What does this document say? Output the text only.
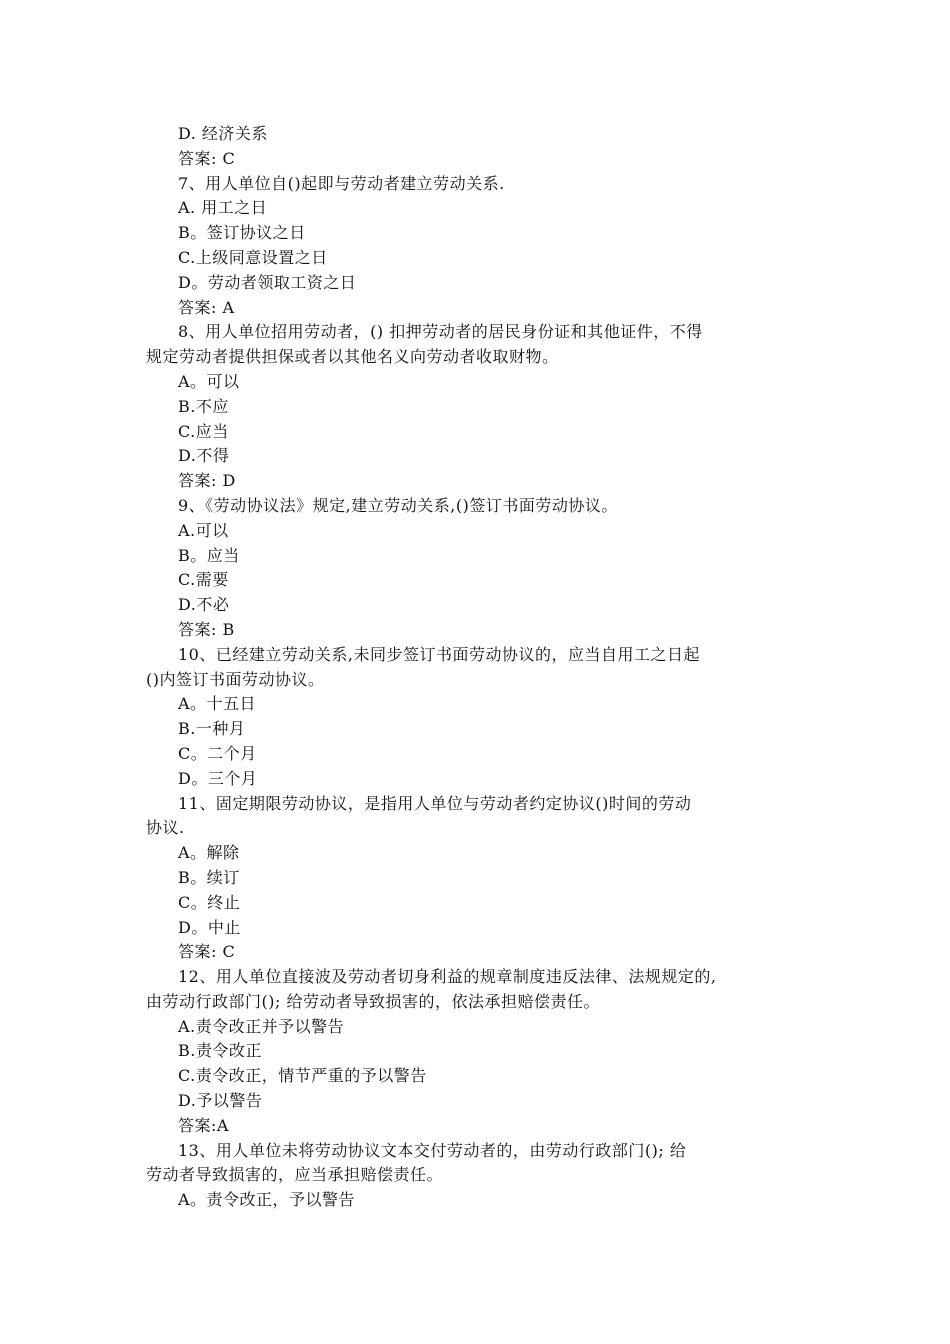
D. 经济关系
答案: C
7、用人单位自()起即与劳动者建立劳动关系.
A. 用工之日
B。签订协议之日
C.上级同意设置之日
D。劳动者领取工资之日
答案: A
8、用人单位招用劳动者，() 扣押劳动者的居民身份证和其他证件，不得
规定劳动者提供担保或者以其他名义向劳动者收取财物。
A。可以
B.不应
C.应当
D.不得
答案: D
9、《劳动协议法》规定,建立劳动关系,()签订书面劳动协议。
A.可以
B。应当
C.需要
D.不必
答案: B
10、已经建立劳动关系,未同步签订书面劳动协议的，应当自用工之日起
()内签订书面劳动协议。
A。十五日
B.一种月
C。二个月
D。三个月
11、固定期限劳动协议，是指用人单位与劳动者约定协议()时间的劳动
协议.
A。解除
B。续订
C。终止
D。中止
答案: C
12、用人单位直接波及劳动者切身利益的规章制度违反法律、法规规定的,
由劳动行政部门(); 给劳动者导致损害的，依法承担赔偿责任。
A.责令改正并予以警告
B.责令改正
C.责令改正，情节严重的予以警告
D.予以警告
答案:A
13、用人单位未将劳动协议文本交付劳动者的，由劳动行政部门(); 给
劳动者导致损害的，应当承担赔偿责任。
A。责令改正，予以警告
